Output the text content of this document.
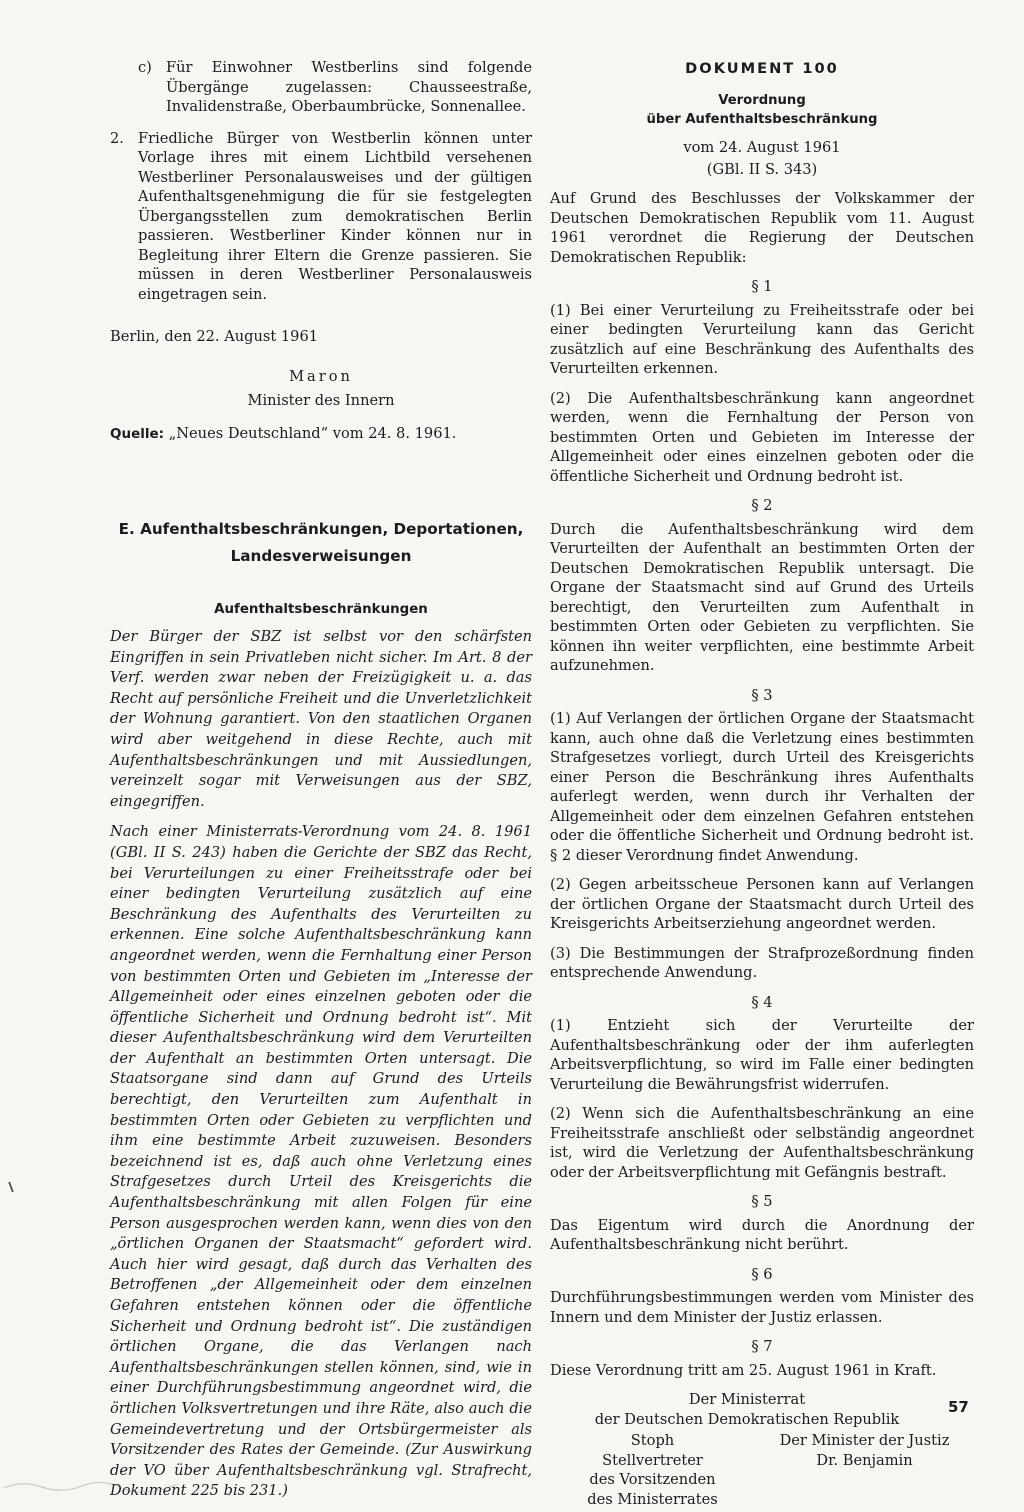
c) Für Einwohner Westberlins sind folgende Übergänge zugelassen: Chausseestraße, Invalidenstraße, Oberbaumbrücke, Sonnenallee.
2. Friedliche Bürger von Westberlin können unter Vorlage ihres mit einem Lichtbild versehenen Westberliner Personalausweises und der gültigen Aufenthaltsgenehmigung die für sie festgelegten Übergangsstellen zum demokratischen Berlin passieren. Westberliner Kinder können nur in Begleitung ihrer Eltern die Grenze passieren. Sie müssen in deren Westberliner Personalausweis eingetragen sein.
Berlin, den 22. August 1961
Maron
Minister des Innern
Quelle: „Neues Deutschland“ vom 24. 8. 1961.
E. Aufenthaltsbeschränkungen, Deportationen,
Landesverweisungen
Aufenthaltsbeschränkungen

Der Bürger der SBZ ist selbst vor den schärfsten Eingriffen in sein Privatleben nicht sicher. Im Art. 8 der Verf. werden zwar neben der Freizügigkeit u. a. das Recht auf persönliche Freiheit und die Unverletzlichkeit der Wohnung garantiert. Von den staatlichen Organen wird aber weitgehend in diese Rechte, auch mit Aufenthaltsbeschränkungen und mit Aussiedlungen, vereinzelt sogar mit Verweisungen aus der SBZ, eingegriffen.

Nach einer Ministerrats-Verordnung vom 24. 8. 1961 (GBl. II S. 243) haben die Gerichte der SBZ das Recht, bei Verurteilungen zu einer Freiheitsstrafe oder bei einer bedingten Verurteilung zusätzlich auf eine Beschränkung des Aufenthalts des Verurteilten zu erkennen. Eine solche Aufenthaltsbeschränkung kann angeordnet werden, wenn die Fernhaltung einer Person von bestimmten Orten und Gebieten im „Interesse der Allgemeinheit oder eines einzelnen geboten oder die öffentliche Sicherheit und Ordnung bedroht ist“. Mit dieser Aufenthaltsbeschränkung wird dem Verurteilten der Aufenthalt an bestimmten Orten untersagt. Die Staatsorgane sind dann auf Grund des Urteils berechtigt, den Verurteilten zum Aufenthalt in bestimmten Orten oder Gebieten zu verpflichten und ihm eine bestimmte Arbeit zuzuweisen. Besonders bezeichnend ist es, daß auch ohne Verletzung eines Strafgesetzes durch Urteil des Kreisgerichts die Aufenthaltsbeschränkung mit allen Folgen für eine Person ausgesprochen werden kann, wenn dies von den „örtlichen Organen der Staatsmacht“ gefordert wird. Auch hier wird gesagt, daß durch das Verhalten des Betroffenen „der Allgemeinheit oder dem einzelnen Gefahren entstehen können oder die öffentliche Sicherheit und Ordnung bedroht ist“. Die zuständigen örtlichen Organe, die das Verlangen nach Aufenthaltsbeschränkungen stellen können, sind, wie in einer Durchführungsbestimmung angeordnet wird, die örtlichen Volksvertretungen und ihre Räte, also auch die Gemeindevertretung und der Ortsbürgermeister als Vorsitzender des Rates der Gemeinde. (Zur Auswirkung der VO über Aufenthaltsbeschränkung vgl. Strafrecht, Dokument 225 bis 231.)

DOKUMENT 100
Verordnung
über Aufenthaltsbeschränkung
vom 24. August 1961
(GBl. II S. 343)

Auf Grund des Beschlusses der Volkskammer der Deutschen Demokratischen Republik vom 11. August 1961 verordnet die Regierung der Deutschen Demokratischen Republik:

§ 1

(1) Bei einer Verurteilung zu Freiheitsstrafe oder bei einer bedingten Verurteilung kann das Gericht zusätzlich auf eine Beschränkung des Aufenthalts des Verurteilten erkennen.

(2) Die Aufenthaltsbeschränkung kann angeordnet werden, wenn die Fernhaltung der Person von bestimmten Orten und Gebieten im Interesse der Allgemeinheit oder eines einzelnen geboten oder die öffentliche Sicherheit und Ordnung bedroht ist.

§ 2

Durch die Aufenthaltsbeschränkung wird dem Verurteilten der Aufenthalt an bestimmten Orten der Deutschen Demokratischen Republik untersagt. Die Organe der Staatsmacht sind auf Grund des Urteils berechtigt, den Verurteilten zum Aufenthalt in bestimmten Orten oder Gebieten zu verpflichten. Sie können ihn weiter verpflichten, eine bestimmte Arbeit aufzunehmen.

§ 3

(1) Auf Verlangen der örtlichen Organe der Staatsmacht kann, auch ohne daß die Verletzung eines bestimmten Strafgesetzes vorliegt, durch Urteil des Kreisgerichts einer Person die Beschränkung ihres Aufenthalts auferlegt werden, wenn durch ihr Verhalten der Allgemeinheit oder dem einzelnen Gefahren entstehen oder die öffentliche Sicherheit und Ordnung bedroht ist. § 2 dieser Verordnung findet Anwendung.

(2) Gegen arbeitsscheue Personen kann auf Verlangen der örtlichen Organe der Staatsmacht durch Urteil des Kreisgerichts Arbeitserziehung angeordnet werden.

(3) Die Bestimmungen der Strafprozeßordnung finden entsprechende Anwendung.

§ 4

(1) Entzieht sich der Verurteilte der Aufenthaltsbeschränkung oder der ihm auferlegten Arbeitsverpflichtung, so wird im Falle einer bedingten Verurteilung die Bewährungsfrist widerrufen.

(2) Wenn sich die Aufenthaltsbeschränkung an eine Freiheitsstrafe anschließt oder selbständig angeordnet ist, wird die Verletzung der Aufenthaltsbeschränkung oder der Arbeitsverpflichtung mit Gefängnis bestraft.

§ 5

Das Eigentum wird durch die Anordnung der Aufenthaltsbeschränkung nicht berührt.

§ 6

Durchführungsbestimmungen werden vom Minister des Innern und dem Minister der Justiz erlassen.

§ 7

Diese Verordnung tritt am 25. August 1961 in Kraft.

Der Ministerrat
der Deutschen Demokratischen Republik
Stoph
Stellvertreter
des Vorsitzenden
des Ministerrates
Der Minister der Justiz
Dr. Benjamin
57
